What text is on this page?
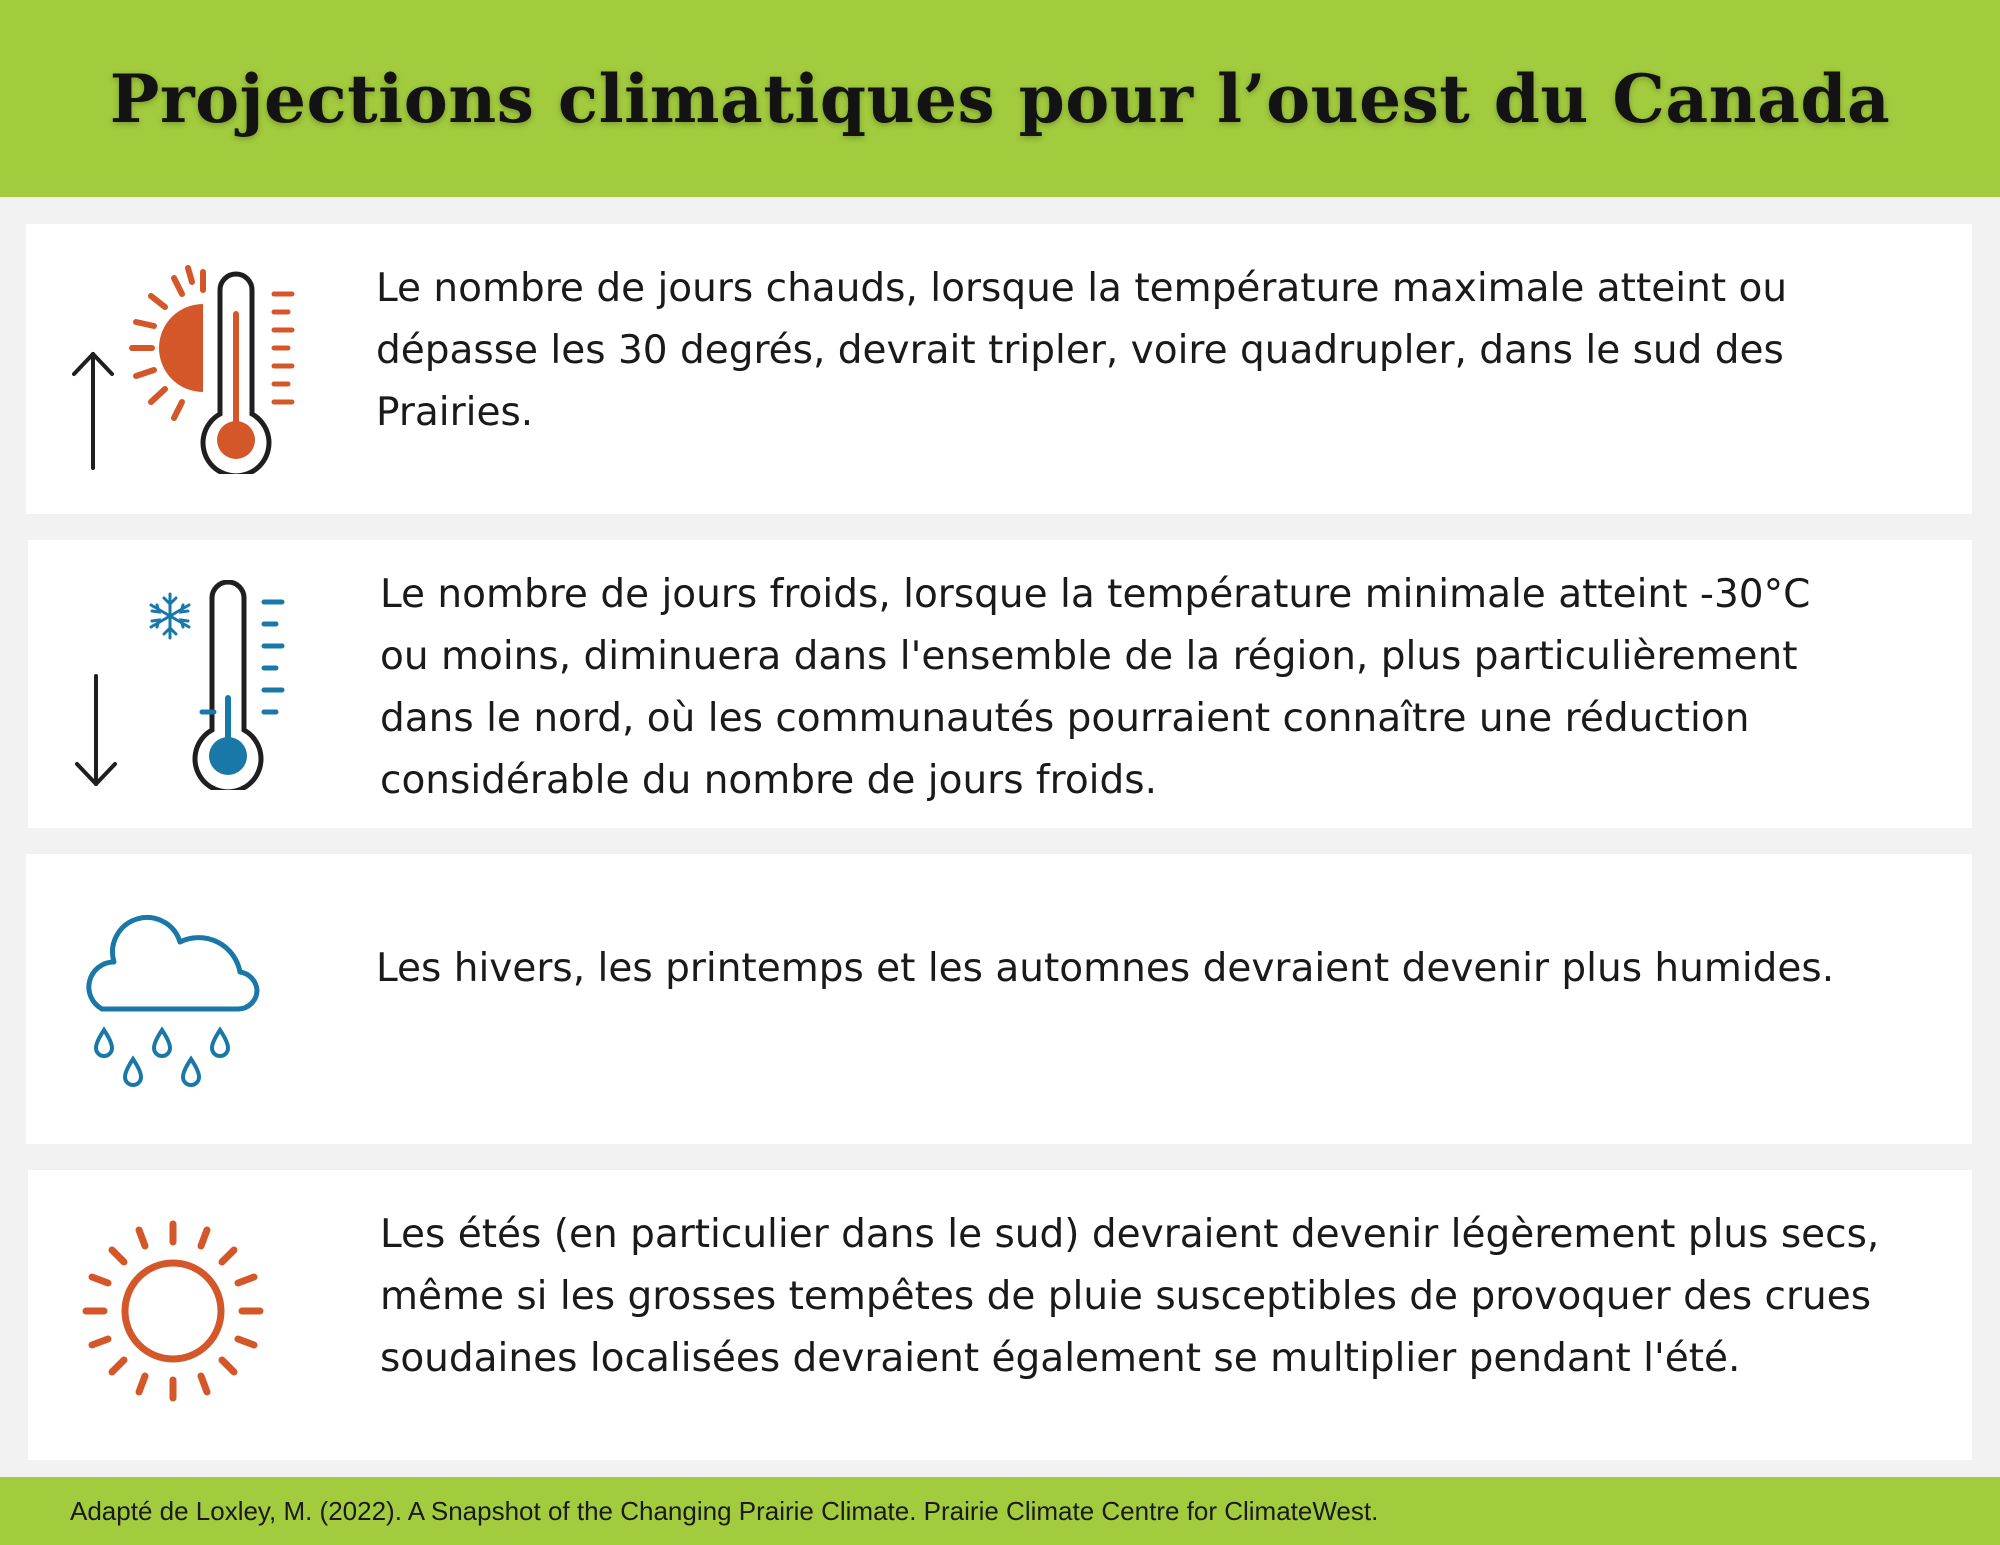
Projections climatiques pour l’ouest du Canada

Le nombre de jours chauds, lorsque la température maximale atteint ou dépasse les 30 degrés, devrait tripler, voire quadrupler, dans le sud des Prairies.

Le nombre de jours froids, lorsque la température minimale atteint -30°C ou moins, diminuera dans l'ensemble de la région, plus particulièrement dans le nord, où les communautés pourraient connaître une réduction considérable du nombre de jours froids.

Les hivers, les printemps et les automnes devraient devenir plus humides.

Les étés (en particulier dans le sud) devraient devenir légèrement plus secs, même si les grosses tempêtes de pluie susceptibles de provoquer des crues soudaines localisées devraient également se multiplier pendant l'été.

Adapté de Loxley, M. (2022). A Snapshot of the Changing Prairie Climate. Prairie Climate Centre for ClimateWest.
